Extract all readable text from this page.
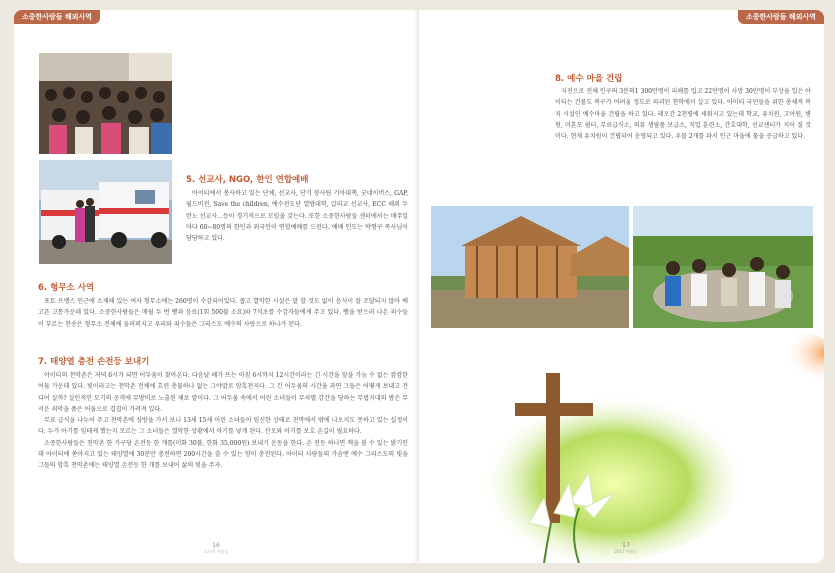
소중한사람들 해외사역
5. 선교사, NGO, 한인 연합예배

아이티에서 봉사하고 있는 단체, 선교사, 단기 봉사팀 기아대책, 굿네이버스, GAP, 월드비전, Save the children, 예수전도단 열방대학, 갈리교 선교사, ECC 해외 두란노 선교사...등이 경기적으로 모임을 갖는다. 또한 소중한사람들 센터에서는 매주일마다 60~80명의 한인과 외국인이 연합예배를 드린다. 예배 인도는 박형구 목사님이 담당하고 있다.

6. 형무소 사역

포토 프랭스 인근에 소재해 있는 여자 형무소에는 260명이 수감되어있다. 좁고 열악한 시설은 말 할 것도 없이 음식이 잘 조달되지 않아 배고픈 고통가운데 있다. 소중한사람들은 매월 두 번 빵과 음료(1회 500불 소요)와 7석초를 수감자들에게 주고 있다. 빵을 받으러 나온 죄수들이 부르는 찬송은 형무소 전체에 울려퍼지고 우리와 죄수들은 그리스도 예수의 사랑으로 하나가 된다.

7. 태양열 충전 손전등 보내기

아이티의 천막촌은 저녁 6시가 되면 어두움이 찾아온다. 다음날 해가 뜨는 아침 6시까지 12시간이라는 긴 시간을 앞을 가늠 수 없는 캄캄한 어둠 가운데 있다. 빛이라고는 천막촌 전체에 흐린 촛불하나 없는 그야말로 암흑천지다. 그 긴 어두움의 시간을 과연 그들은 어떻게 보내고 견디어 살까? 살인적인 모기의 공격에 무방비로 노출된 채로 말이다. 그 어두움 속에서 어린 소녀들이 무차별 강간을 당하는 무법지대의 밤은 무서운 죄악을 품은 어둠으로 겹겹이 가려져 있다.

무료 급식을 나누어 주고 천막촌에 심방을 가서 보니 13세 15세 어린 소녀들이 임신한 상태로 천막에서 밖에 나오지도 못하고 있는 실정이다. 누가 아기를 임테케 했는지 모르는 그 소녀들은 열악한 상황에서 아기를 낳게 된다. 산모와 아기를 보호 손길이 필요하다.

소중한사람들은 천막촌 한 가구당 손전등 한 개를(미화 30불, 한화 35,000원) 보내기 운동을 한다. 손 전등 하나면 책을 볼 수 있는 밝기인데 아이티에 쏟아지고 있는 태양열에 30분만 충전하면 200시간을 쓸 수 있는 양이 충전된다. 아이티 사람들의 가슴엔 예수 그리스도의 빛을 그들의 암흑 천막촌에는 태양열 손전등 한 개를 보내어 삶의 빛을 주자.

16
소중한 사람들
소중한사람들 해외사역
8. 예수 마을 건립

지진으로 전체 인구의 3분의1 300만명이 피해를 입고 22만명이 사망 30만명이 부상을 입은 아이티는 건물도 복구가 어려울 정도로 파괴된 천막에서 살고 있다. 아이티 국민들을 위한 총체적 복지 시설인 예수마을 건립을 하고 있다. 레오간 2천평에 세워지고 있는데 학교, 유치원, 고아원, 병원, 미혼모 쉼터, 무료급식소, 의류 생필품 보급소, 직업 훈련소, 간호대학, 선교센터가 지어 질 것이다. 현재 유치원이 건립되어 운영되고 있다. 우물 2개를 파서 인근 마을에 물을 공급하고 있다.

17
2011 여름호
